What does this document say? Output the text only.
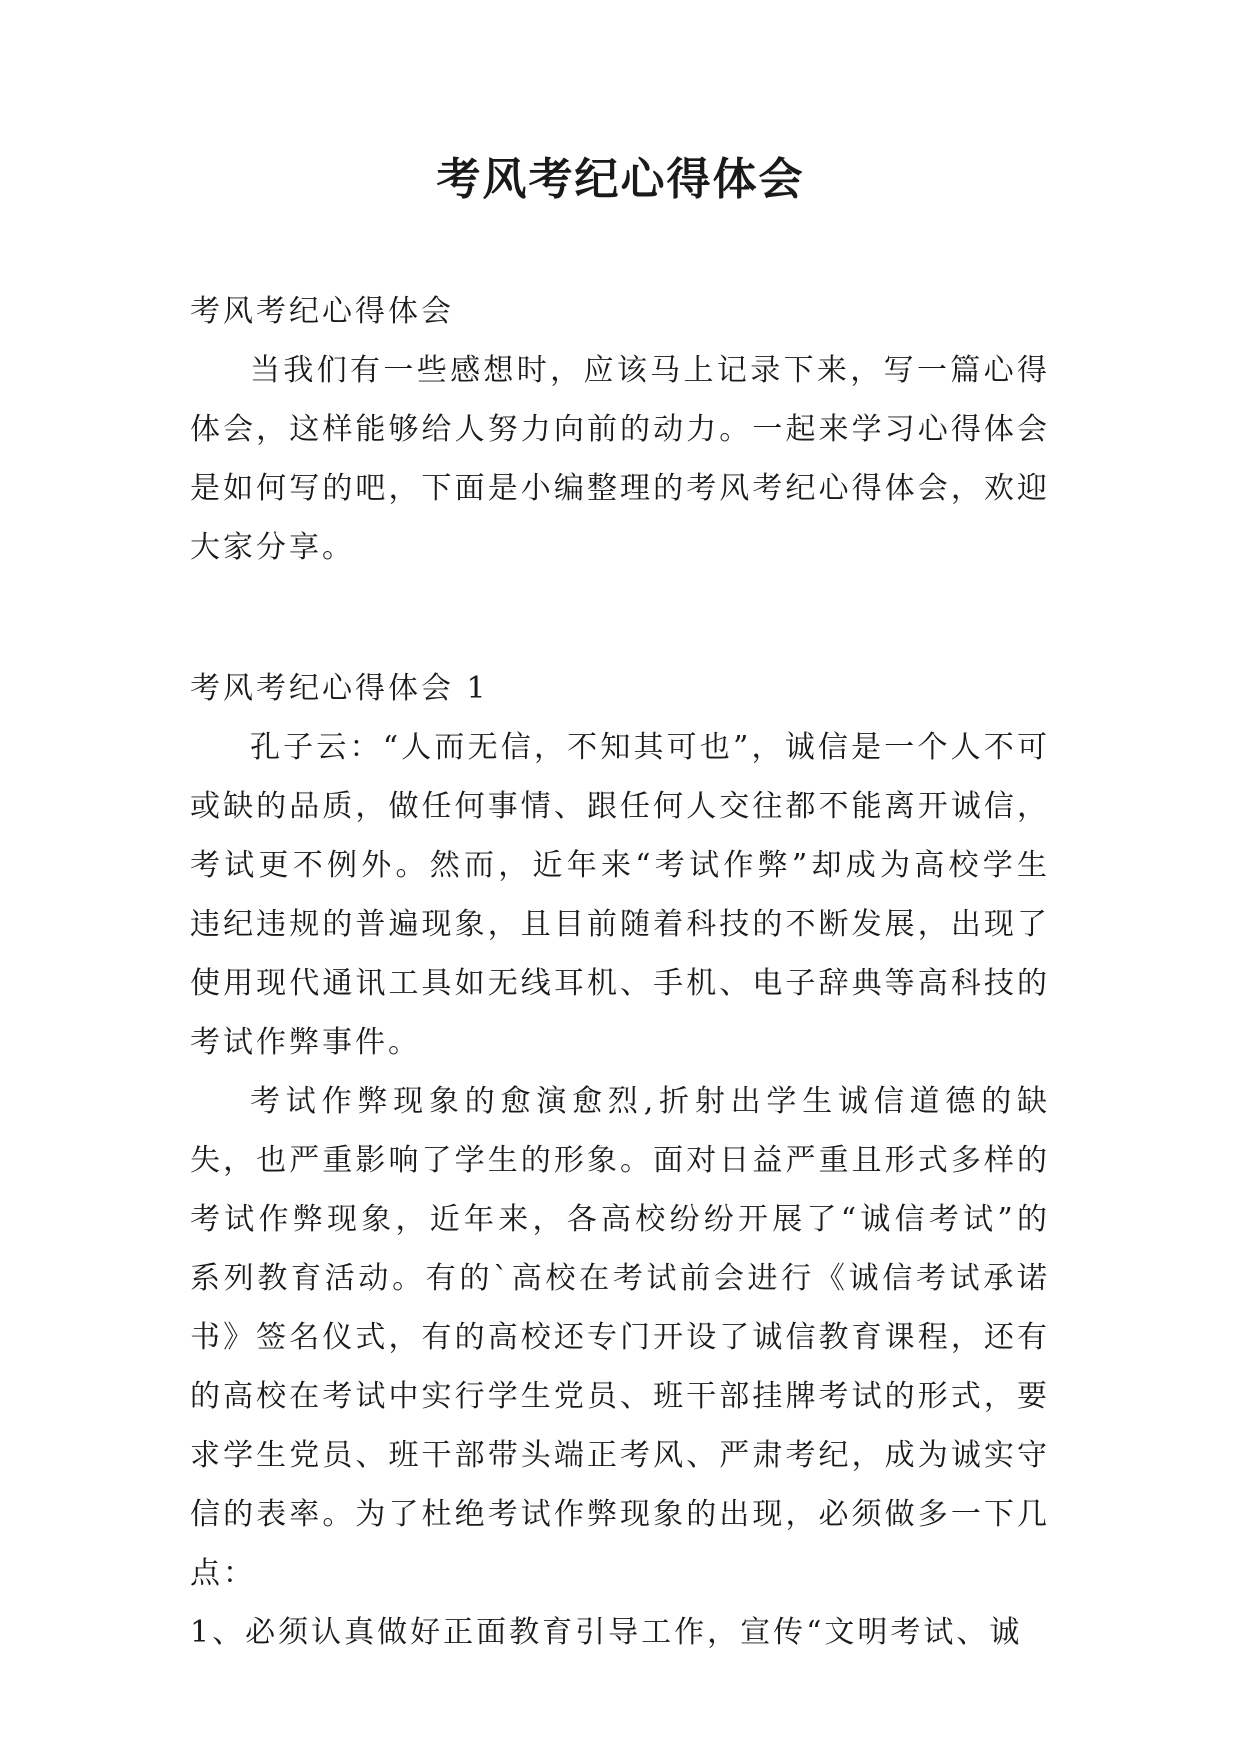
考风考纪心得体会

考风考纪心得体会

当我们有一些感想时，应该马上记录下来，写一篇心得体会，这样能够给人努力向前的动力。一起来学习心得体会是如何写的吧，下面是小编整理的考风考纪心得体会，欢迎大家分享。

考风考纪心得体会 1

孔子云：“人而无信，不知其可也”，诚信是一个人不可或缺的品质，做任何事情、跟任何人交往都不能离开诚信，考试更不例外。然而，近年来“考试作弊”却成为高校学生违纪违规的普遍现象，且目前随着科技的不断发展，出现了使用现代通讯工具如无线耳机、手机、电子辞典等高科技的考试作弊事件。

考试作弊现象的愈演愈烈,折射出学生诚信道德的缺失，也严重影响了学生的形象。面对日益严重且形式多样的考试作弊现象，近年来，各高校纷纷开展了“诚信考试”的系列教育活动。有的`高校在考试前会进行《诚信考试承诺书》签名仪式，有的高校还专门开设了诚信教育课程，还有的高校在考试中实行学生党员、班干部挂牌考试的形式，要求学生党员、班干部带头端正考风、严肃考纪，成为诚实守信的表率。为了杜绝考试作弊现象的出现，必须做多一下几点：

1、必须认真做好正面教育引导工作，宣传“文明考试、诚
